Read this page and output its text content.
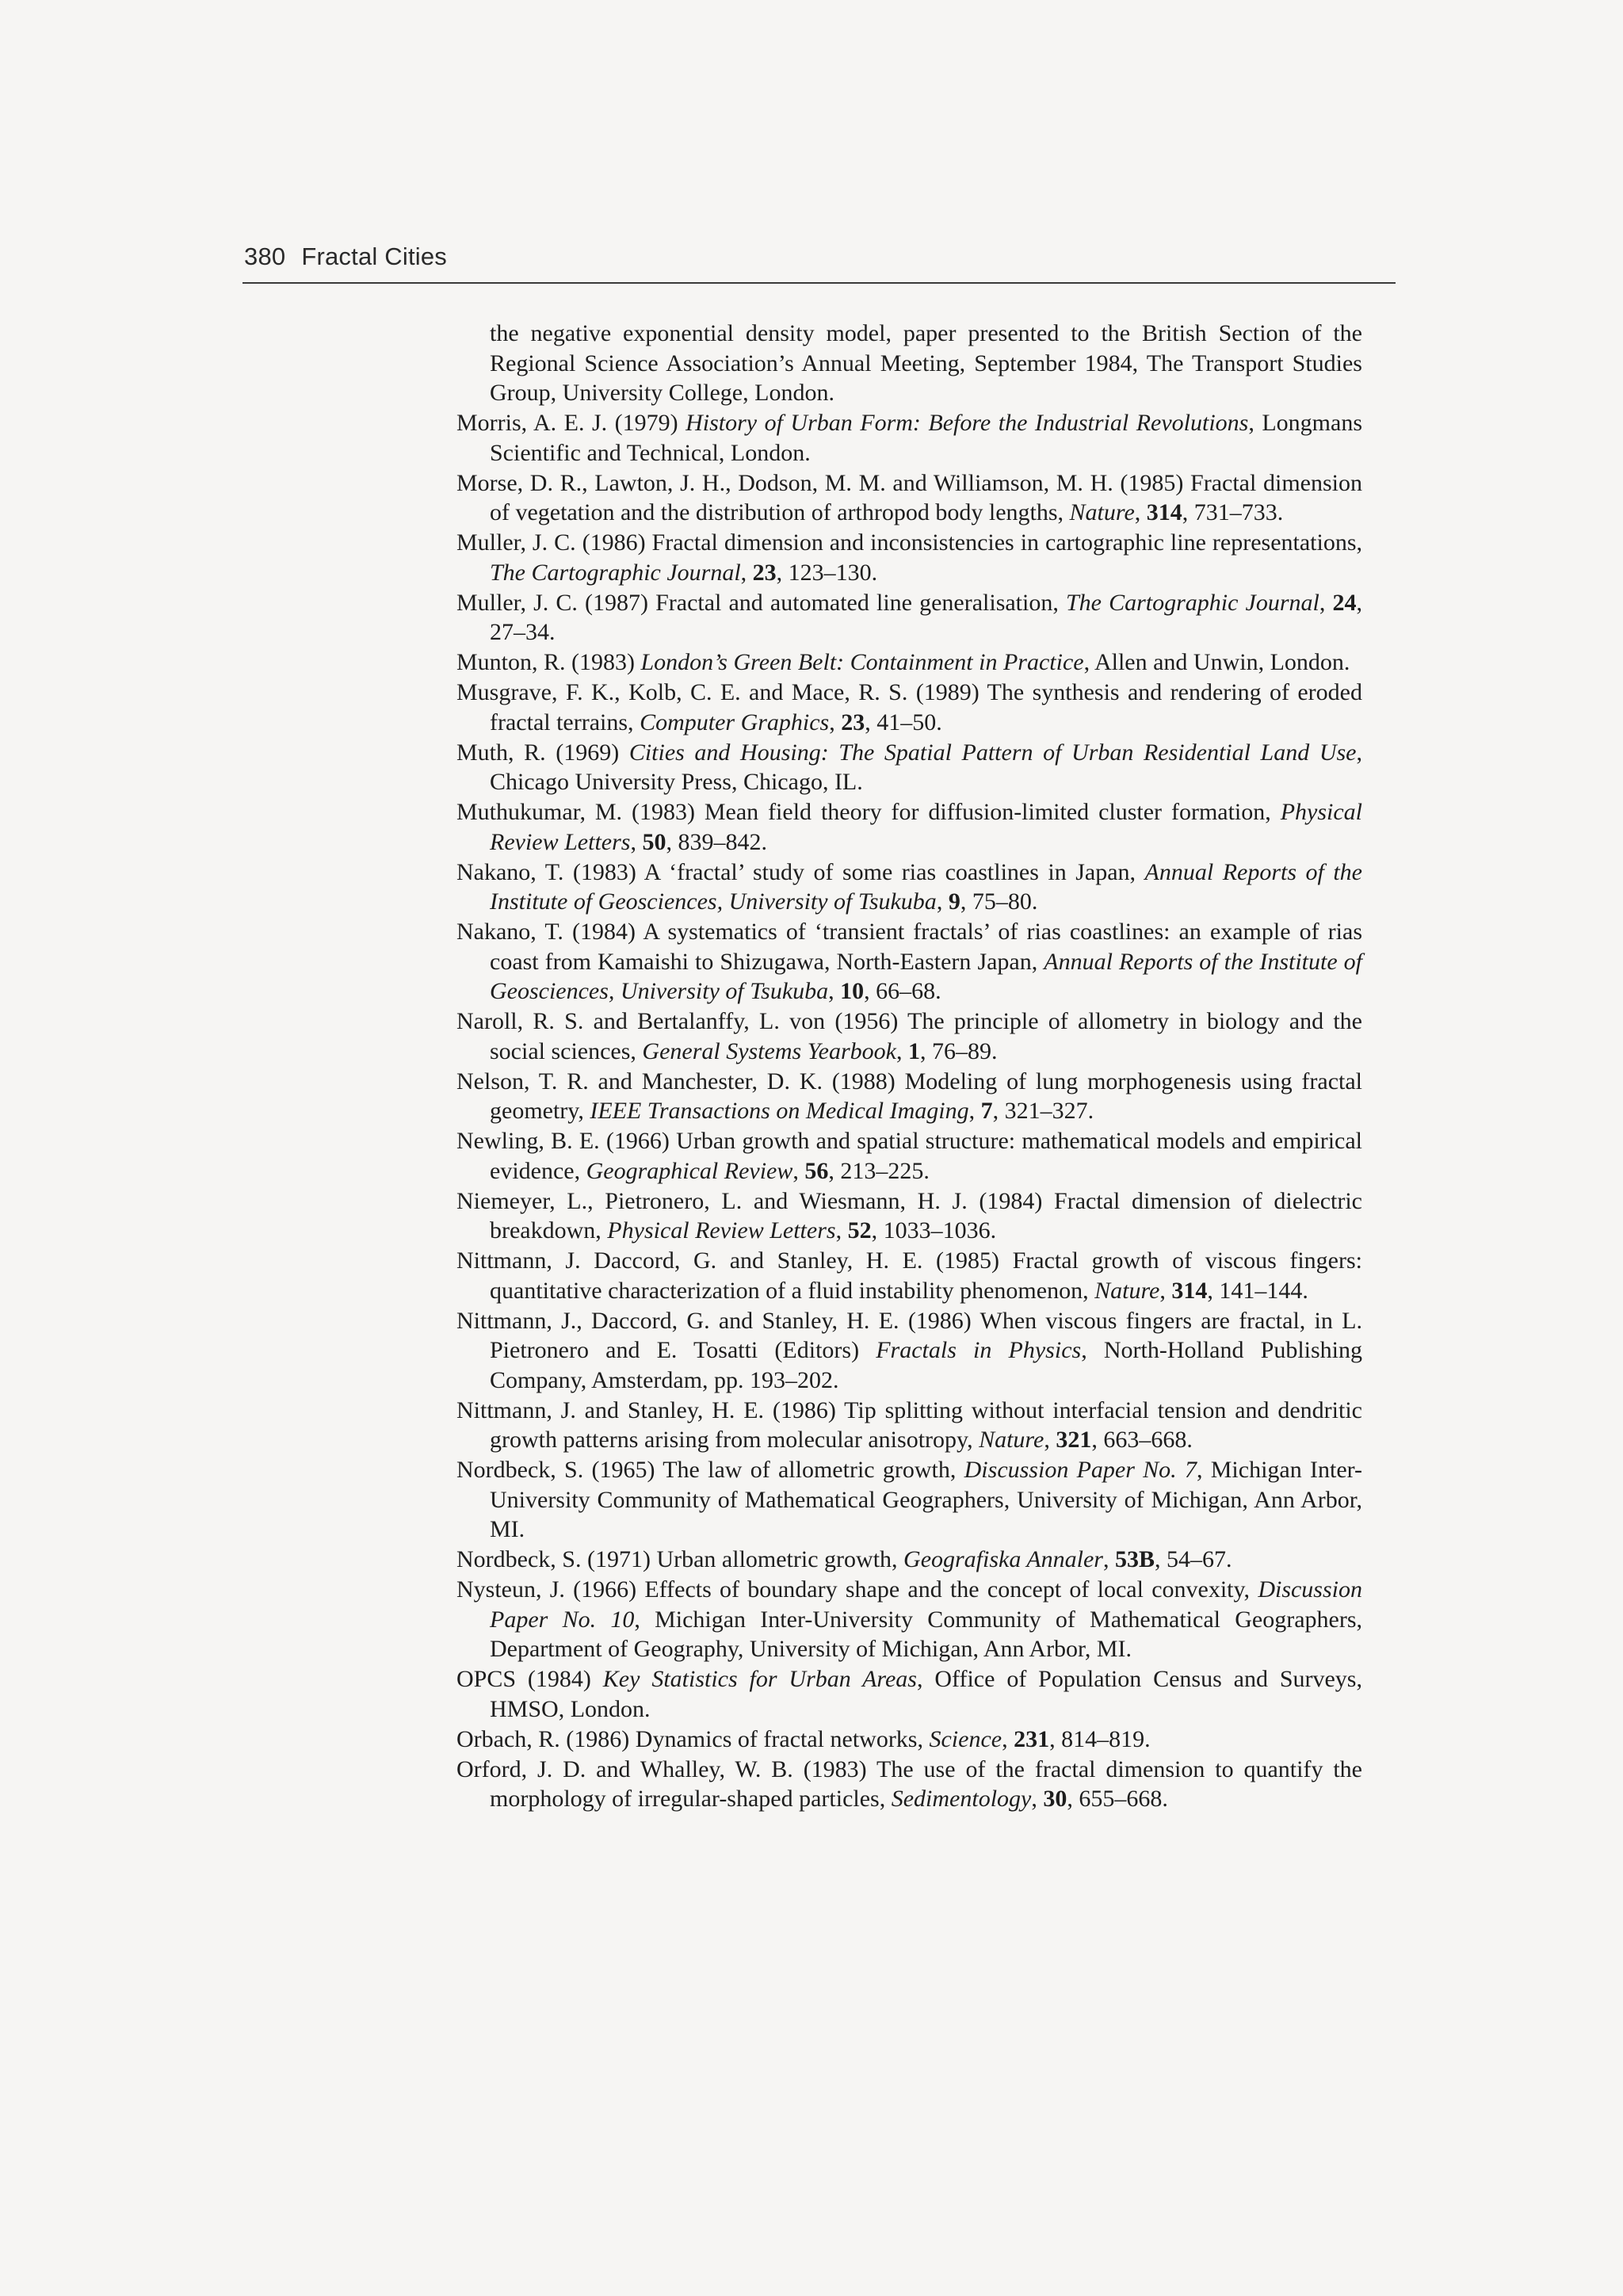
380 Fractal Cities
the negative exponential density model, paper presented to the British Section of the Regional Science Association’s Annual Meeting, September 1984, The Transport Studies Group, University College, London.
Morris, A. E. J. (1979) History of Urban Form: Before the Industrial Revolutions, Longmans Scientific and Technical, London.
Morse, D. R., Lawton, J. H., Dodson, M. M. and Williamson, M. H. (1985) Fractal dimension of vegetation and the distribution of arthropod body lengths, Nature, 314, 731–733.
Muller, J. C. (1986) Fractal dimension and inconsistencies in cartographic line representations, The Cartographic Journal, 23, 123–130.
Muller, J. C. (1987) Fractal and automated line generalisation, The Cartographic Journal, 24, 27–34.
Munton, R. (1983) London’s Green Belt: Containment in Practice, Allen and Unwin, London.
Musgrave, F. K., Kolb, C. E. and Mace, R. S. (1989) The synthesis and rendering of eroded fractal terrains, Computer Graphics, 23, 41–50.
Muth, R. (1969) Cities and Housing: The Spatial Pattern of Urban Residential Land Use, Chicago University Press, Chicago, IL.
Muthukumar, M. (1983) Mean field theory for diffusion-limited cluster formation, Physical Review Letters, 50, 839–842.
Nakano, T. (1983) A ‘fractal’ study of some rias coastlines in Japan, Annual Reports of the Institute of Geosciences, University of Tsukuba, 9, 75–80.
Nakano, T. (1984) A systematics of ‘transient fractals’ of rias coastlines: an example of rias coast from Kamaishi to Shizugawa, North-Eastern Japan, Annual Reports of the Institute of Geosciences, University of Tsukuba, 10, 66–68.
Naroll, R. S. and Bertalanffy, L. von (1956) The principle of allometry in biology and the social sciences, General Systems Yearbook, 1, 76–89.
Nelson, T. R. and Manchester, D. K. (1988) Modeling of lung morphogenesis using fractal geometry, IEEE Transactions on Medical Imaging, 7, 321–327.
Newling, B. E. (1966) Urban growth and spatial structure: mathematical models and empirical evidence, Geographical Review, 56, 213–225.
Niemeyer, L., Pietronero, L. and Wiesmann, H. J. (1984) Fractal dimension of dielectric breakdown, Physical Review Letters, 52, 1033–1036.
Nittmann, J. Daccord, G. and Stanley, H. E. (1985) Fractal growth of viscous fingers: quantitative characterization of a fluid instability phenomenon, Nature, 314, 141–144.
Nittmann, J., Daccord, G. and Stanley, H. E. (1986) When viscous fingers are fractal, in L. Pietronero and E. Tosatti (Editors) Fractals in Physics, North-Holland Publishing Company, Amsterdam, pp. 193–202.
Nittmann, J. and Stanley, H. E. (1986) Tip splitting without interfacial tension and dendritic growth patterns arising from molecular anisotropy, Nature, 321, 663–668.
Nordbeck, S. (1965) The law of allometric growth, Discussion Paper No. 7, Michigan Inter-University Community of Mathematical Geographers, University of Michigan, Ann Arbor, MI.
Nordbeck, S. (1971) Urban allometric growth, Geografiska Annaler, 53B, 54–67.
Nysteun, J. (1966) Effects of boundary shape and the concept of local convexity, Discussion Paper No. 10, Michigan Inter-University Community of Mathematical Geographers, Department of Geography, University of Michigan, Ann Arbor, MI.
OPCS (1984) Key Statistics for Urban Areas, Office of Population Census and Surveys, HMSO, London.
Orbach, R. (1986) Dynamics of fractal networks, Science, 231, 814–819.
Orford, J. D. and Whalley, W. B. (1983) The use of the fractal dimension to quantify the morphology of irregular-shaped particles, Sedimentology, 30, 655–668.
